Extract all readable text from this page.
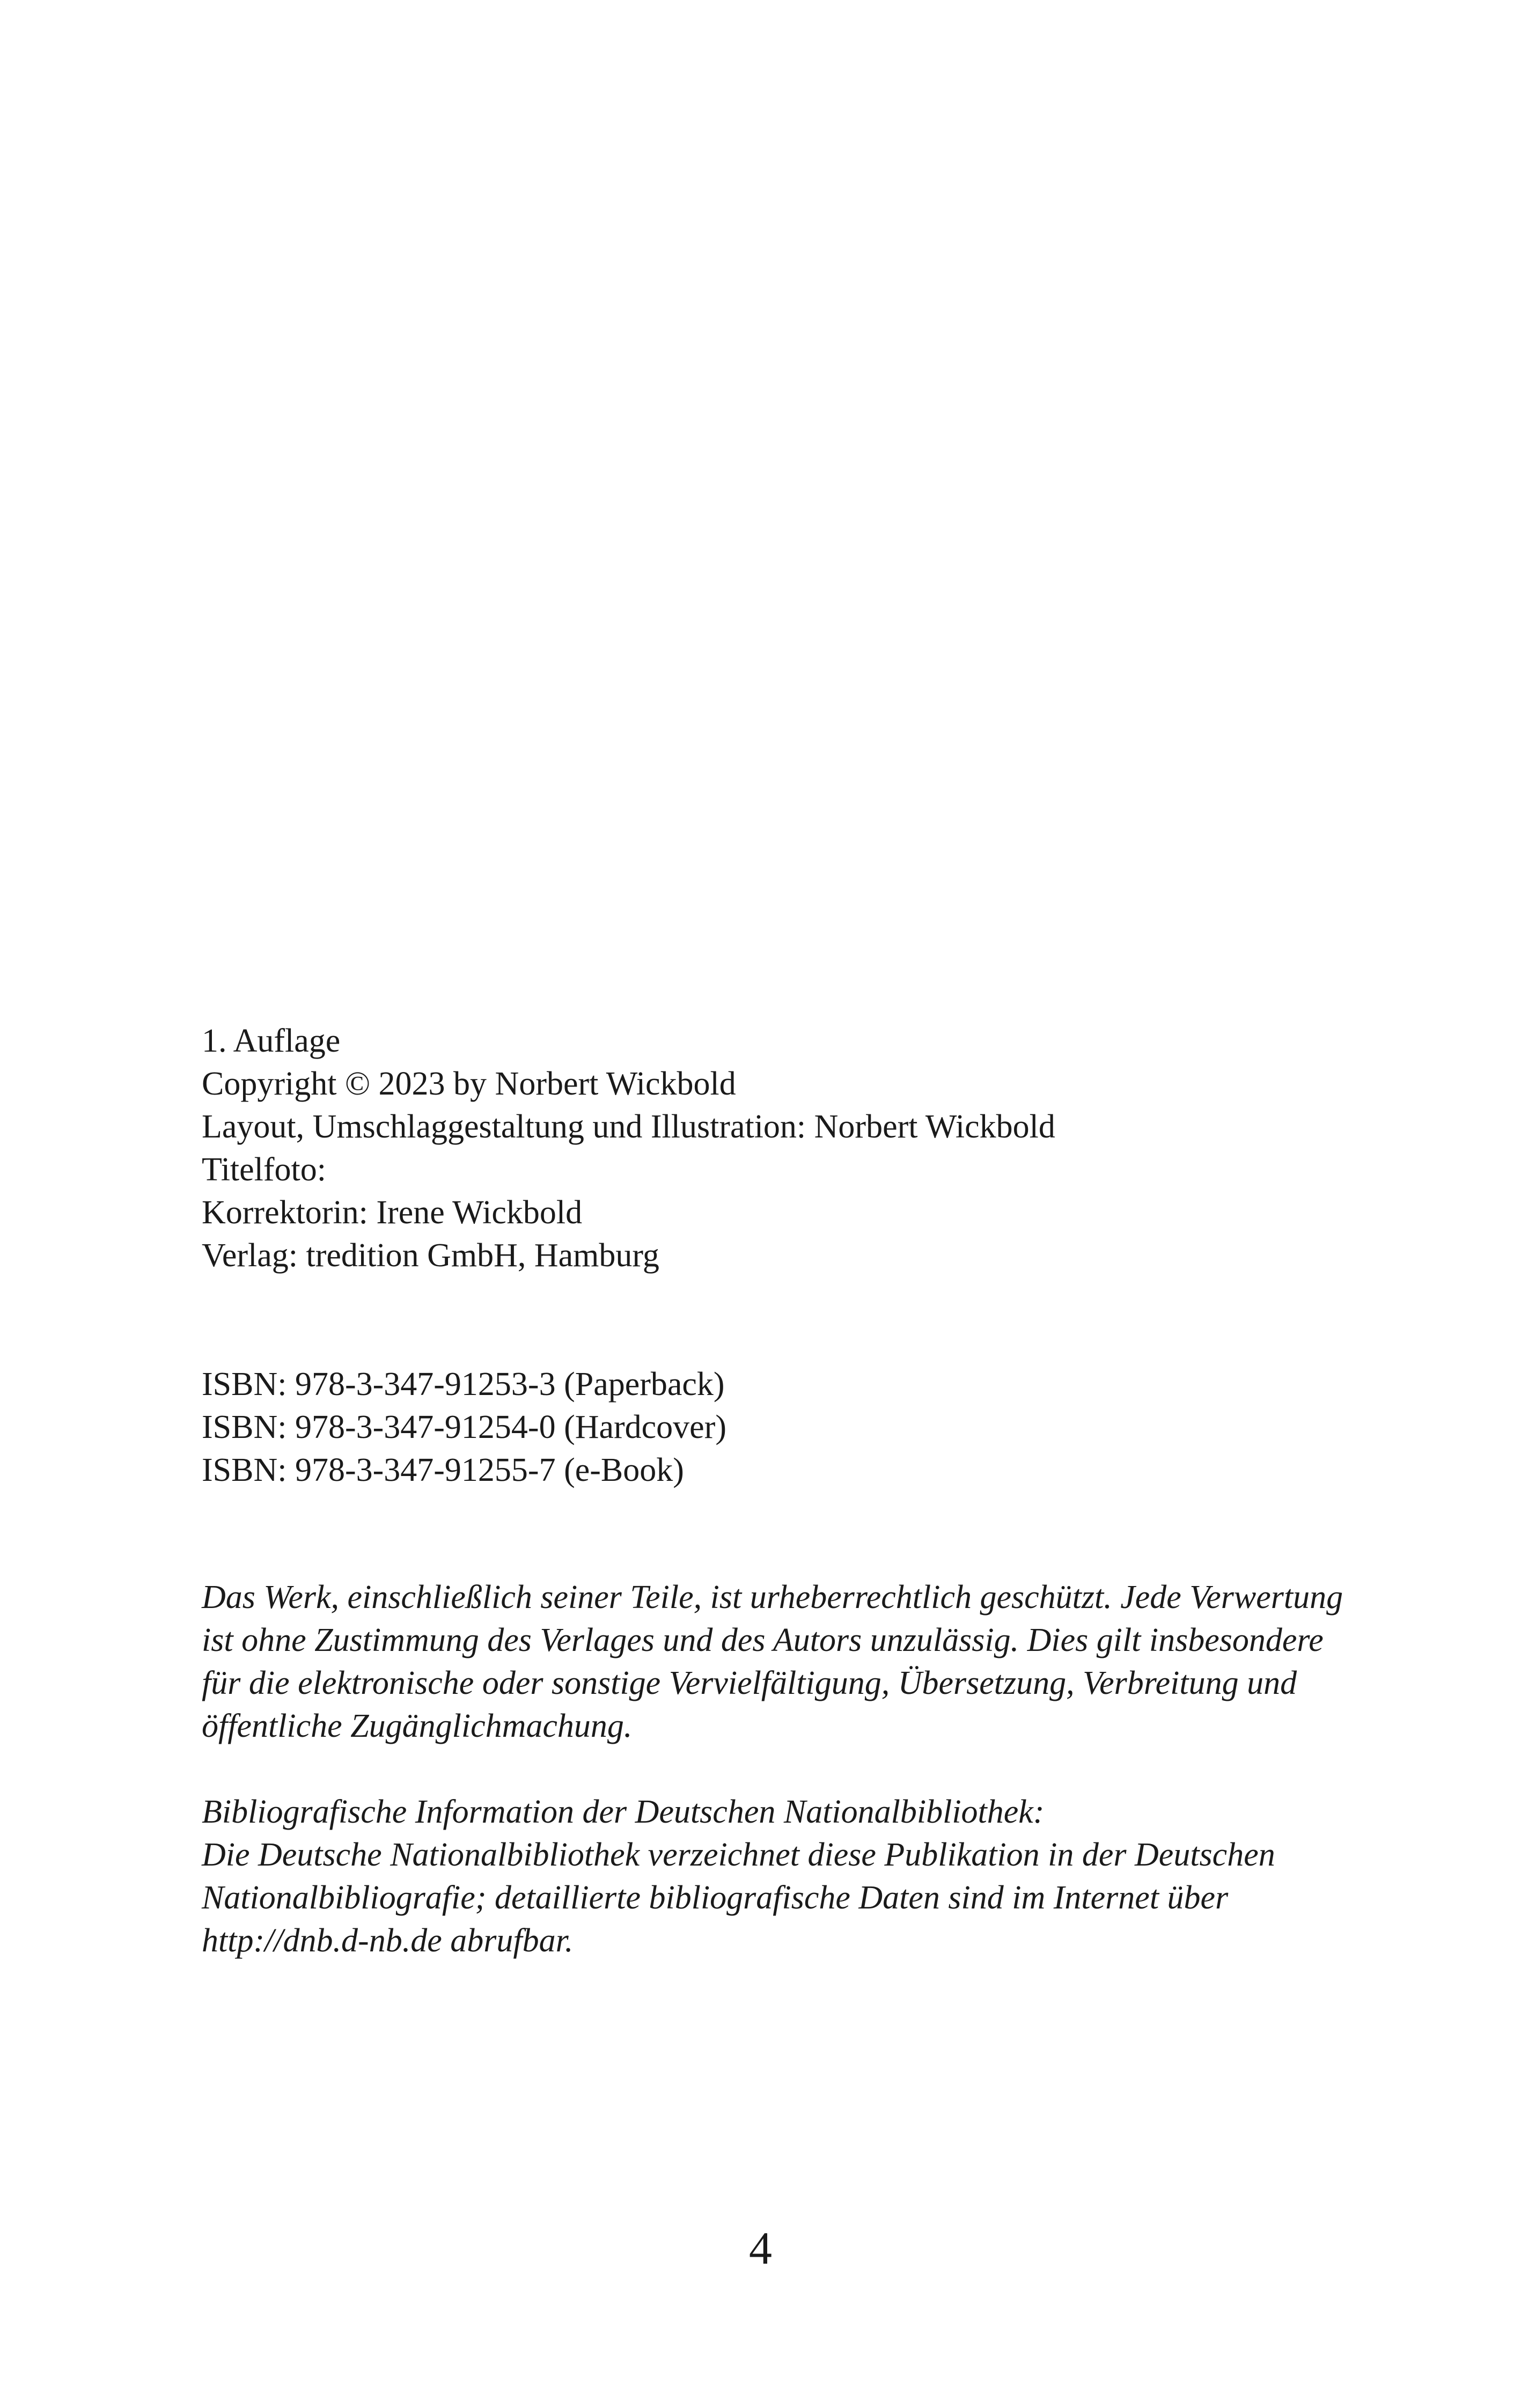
1. Auflage
Copyright © 2023 by Norbert Wickbold
Layout, Umschlaggestaltung und Illustration: Norbert Wickbold
Titelfoto:
Korrektorin: Irene Wickbold
Verlag: tredition GmbH, Hamburg
ISBN: 978-3-347-91253-3 (Paperback)
ISBN: 978-3-347-91254-0 (Hardcover)
ISBN: 978-3-347-91255-7 (e-Book)
Das Werk, einschließlich seiner Teile, ist urheberrechtlich geschützt. Jede Verwertung
ist ohne Zustimmung des Verlages und des Autors unzulässig. Dies gilt insbesondere
für die elektronische oder sonstige Vervielfältigung, Übersetzung, Verbreitung und
öffentliche Zugänglichmachung.
Bibliografische Information der Deutschen Nationalbibliothek:
Die Deutsche Nationalbibliothek verzeichnet diese Publikation in der Deutschen
Nationalbibliografie; detaillierte bibliografische Daten sind im Internet über
http://dnb.d-nb.de abrufbar.
4
